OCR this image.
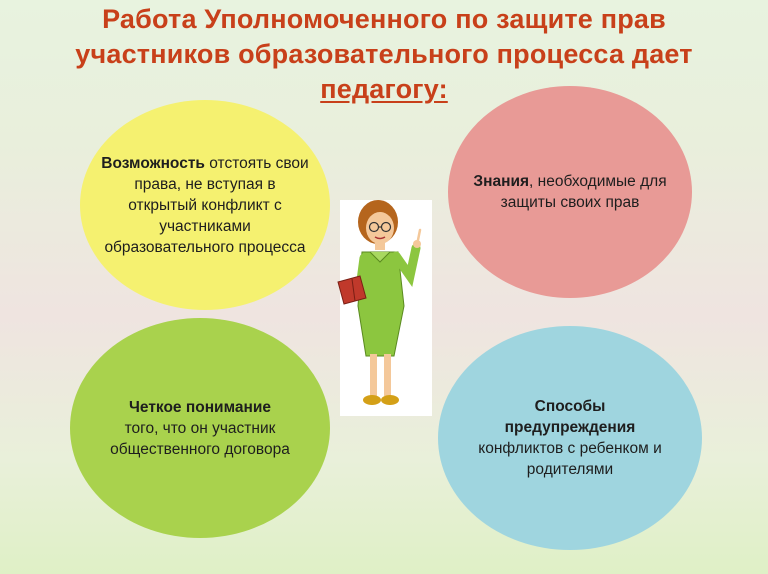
Работа Уполномоченного по защите прав
участников образовательного процесса дает
педагогу:
Возможность отстоять свои права, не вступая в открытый конфликт с участниками образовательного процесса
Знания, необходимые для защиты своих прав
Четкое понимание
того, что он участник общественного договора
Способы предупреждения
конфликтов с ребенком и родителями
